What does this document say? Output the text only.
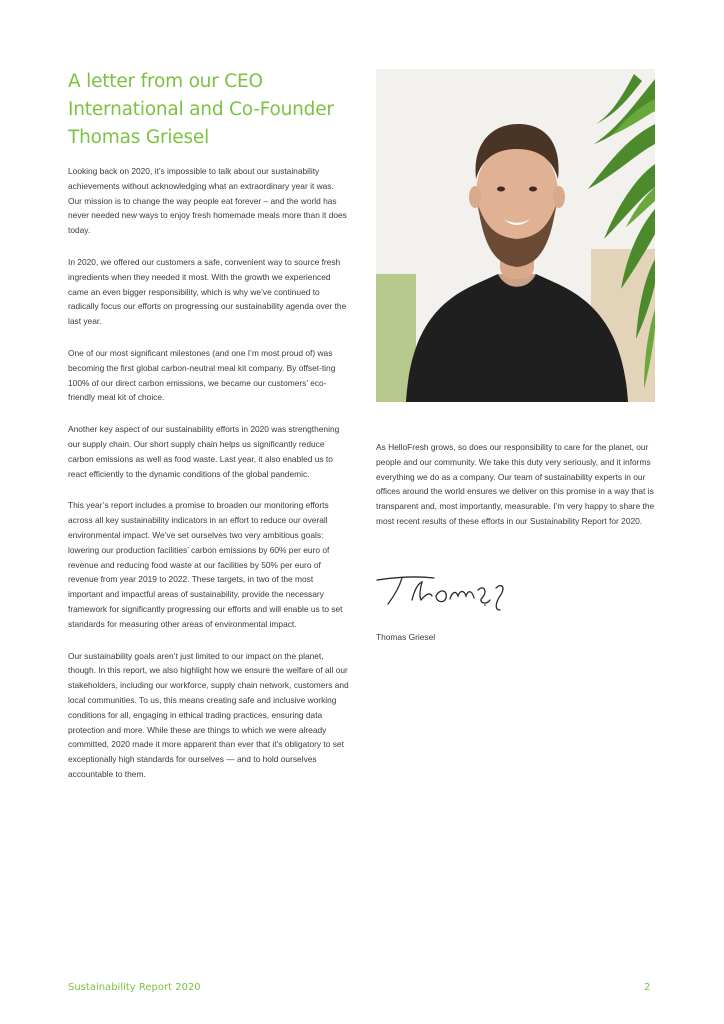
A letter from our CEO
International and Co-Founder
Thomas Griesel

Looking back on 2020, it’s impossible to talk about our sustainability achievements without acknowledging what an extraordinary year it was. Our mission is to change the way people eat forever – and the world has never needed new ways to enjoy fresh homemade meals more than it does today.

In 2020, we offered our customers a safe, convenient way to source fresh ingredients when they needed it most. With the growth we experienced came an even bigger responsibility, which is why we’ve continued to radically focus our efforts on progressing our sustainability agenda over the last year.

One of our most significant milestones (and one I’m most proud of) was becoming the first global carbon-neutral meal kit company. By offset-ting 100% of our direct carbon emissions, we became our customers’ eco-friendly meal kit of choice.

Another key aspect of our sustainability efforts in 2020 was strengthening our supply chain. Our short supply chain helps us significantly reduce carbon emissions as well as food waste. Last year, it also enabled us to react efficiently to the dynamic conditions of the global pandemic.

This year’s report includes a promise to broaden our monitoring efforts across all key sustainability indicators in an effort to reduce our overall environmental impact. We’ve set ourselves two very ambitious goals: lowering our production facilities’ carbon emissions by 60% per euro of revenue and reducing food waste at our facilities by 50% per euro of revenue from year 2019 to 2022. These targets, in two of the most important and impactful areas of sustainability, provide the necessary framework for significantly progressing our efforts and will enable us to set standards for measuring other areas of environmental impact.

Our sustainability goals aren’t just limited to our impact on the planet, though. In this report, we also highlight how we ensure the welfare of all our stakeholders, including our workforce, supply chain network, customers and local communities. To us, this means creating safe and inclusive working conditions for all, engaging in ethical trading practices, ensuring data protection and more. While these are things to which we were already committed, 2020 made it more apparent than ever that it’s obligatory to set exceptionally high standards for ourselves — and to hold ourselves accountable to them.

As HelloFresh grows, so does our responsibility to care for the planet, our people and our community. We take this duty very seriously, and it informs everything we do as a company. Our team of sustainability experts in our offices around the world ensures we deliver on this promise in a way that is transparent and, most importantly, measurable. I’m very happy to share the most recent results of these efforts in our Sustainability Report for 2020.

Thomas Griesel
Sustainability Report 2020	2
